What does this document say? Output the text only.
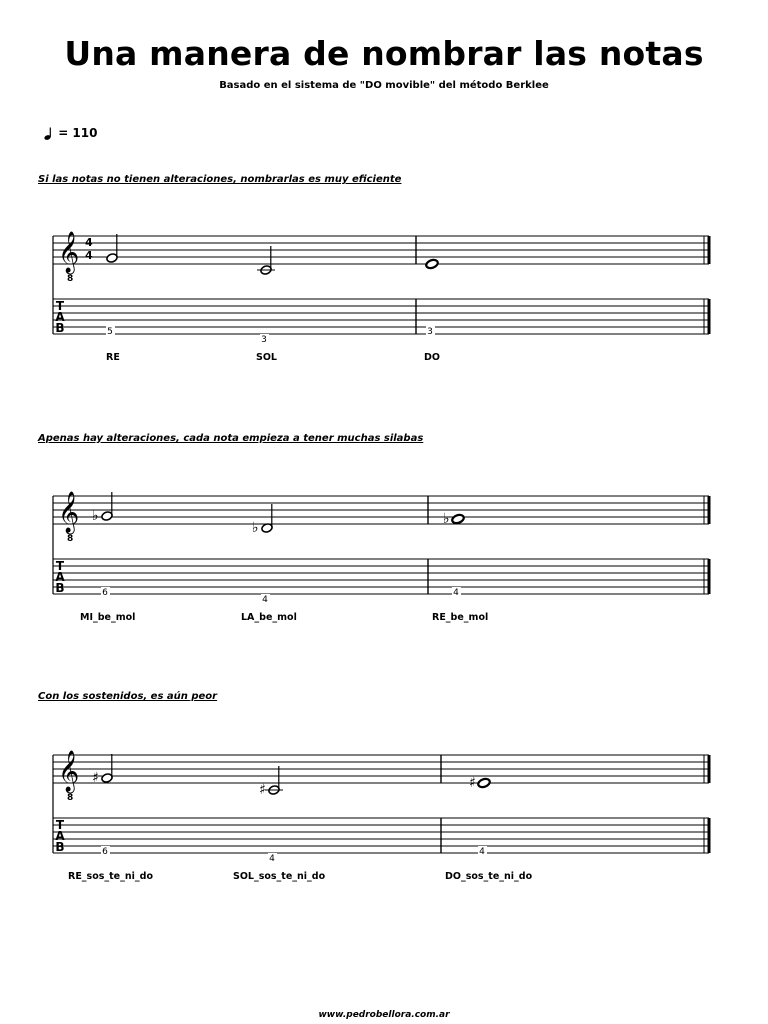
Una manera de nombrar las notas
Basado en el sistema de "DO movible" del método Berklee
= 110
Si las notas no tienen alteraciones, nombrarlas es muy eficiente
𝄞
8
4
4
T
A
B	5
3
3
𝄞
8
T
A
B
♭
6
♭
4
♭
4
𝄞
8
T
A
B
♯
6
♯
4
♯
4
RE	SOL	DO
Apenas hay alteraciones, cada nota empieza a tener muchas silabas
MI_be_mol	LA_be_mol	RE_be_mol
Con los sostenidos, es aún peor
RE_sos_te_ni_do	SOL_sos_te_ni_do	DO_sos_te_ni_do
www.pedrobellora.com.ar
